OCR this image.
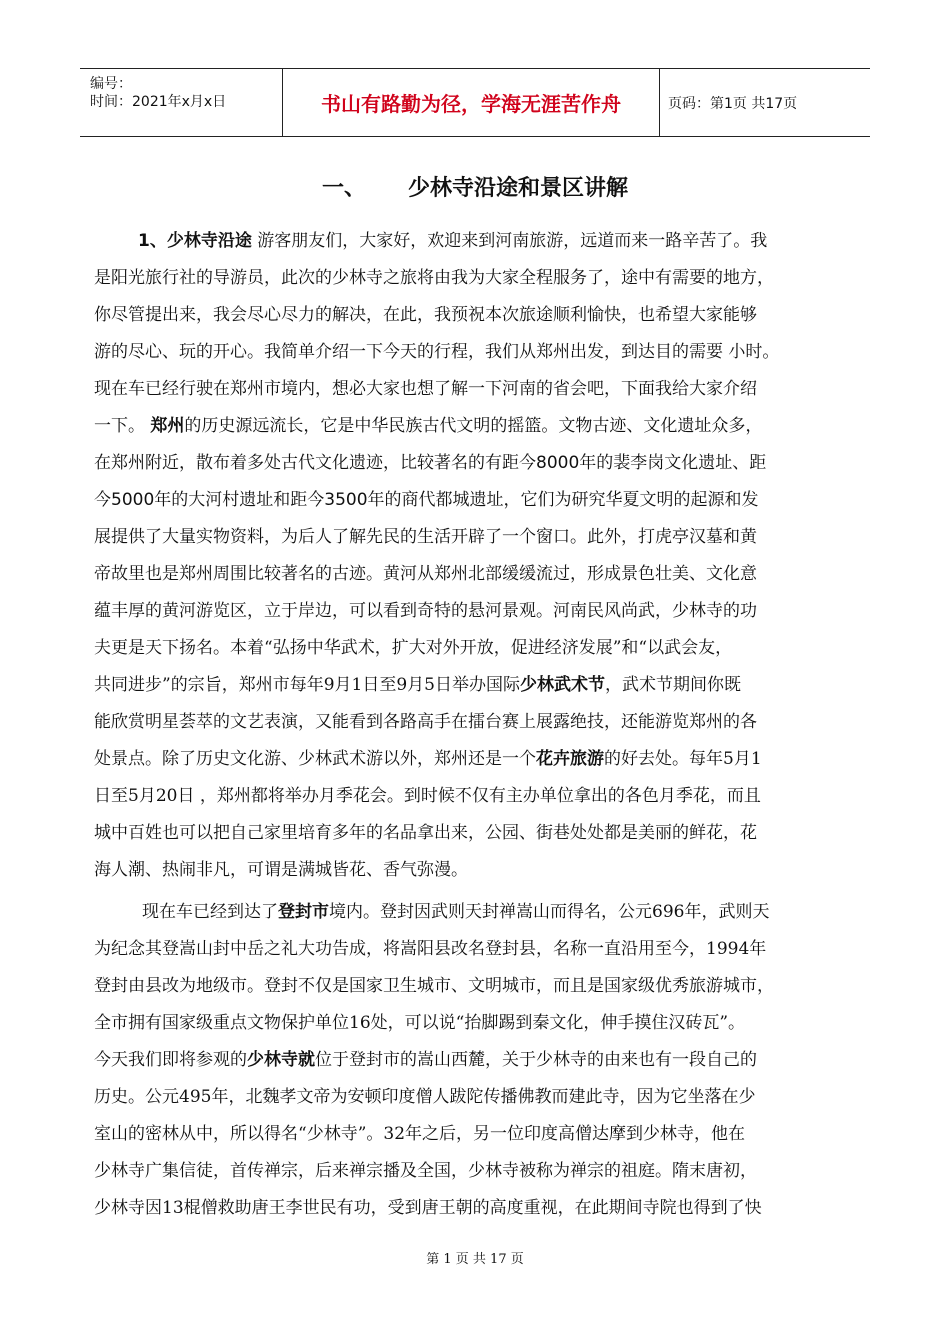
编号：
时间：2021年x月x日	书山有路勤为径，学海无涯苦作舟	页码：第1页 共17页
一、 少林寺沿途和景区讲解
1、少林寺沿途 游客朋友们，大家好，欢迎来到河南旅游，远道而来一路辛苦了。我
是阳光旅行社的导游员，此次的少林寺之旅将由我为大家全程服务了，途中有需要的地方，
你尽管提出来，我会尽心尽力的解决，在此，我预祝本次旅途顺利愉快，也希望大家能够
游的尽心、玩的开心。我简单介绍一下今天的行程，我们从郑州出发，到达目的需要 小时。
现在车已经行驶在郑州市境内，想必大家也想了解一下河南的省会吧，下面我给大家介绍
一下。 郑州的历史源远流长，它是中华民族古代文明的摇篮。文物古迹、文化遗址众多，
在郑州附近，散布着多处古代文化遗迹，比较著名的有距今8000年的裴李岗文化遗址、距
今5000年的大河村遗址和距今3500年的商代都城遗址，它们为研究华夏文明的起源和发
展提供了大量实物资料，为后人了解先民的生活开辟了一个窗口。此外，打虎亭汉墓和黄
帝故里也是郑州周围比较著名的古迹。黄河从郑州北部缓缓流过，形成景色壮美、文化意
蕴丰厚的黄河游览区，立于岸边，可以看到奇特的悬河景观。河南民风尚武，少林寺的功
夫更是天下扬名。本着“弘扬中华武术，扩大对外开放，促进经济发展”和“以武会友，
共同进步”的宗旨，郑州市每年9月1日至9月5日举办国际少林武术节，武术节期间你既
能欣赏明星荟萃的文艺表演，又能看到各路高手在擂台赛上展露绝技，还能游览郑州的各
处景点。除了历史文化游、少林武术游以外，郑州还是一个花卉旅游的好去处。每年5月1
日至5月20日 ，郑州都将举办月季花会。到时候不仅有主办单位拿出的各色月季花，而且
城中百姓也可以把自己家里培育多年的名品拿出来，公园、街巷处处都是美丽的鲜花，花
海人潮、热闹非凡，可谓是满城皆花、香气弥漫。
现在车已经到达了登封市境内。登封因武则天封禅嵩山而得名，公元696年，武则天
为纪念其登嵩山封中岳之礼大功告成，将嵩阳县改名登封县，名称一直沿用至今，1994年
登封由县改为地级市。登封不仅是国家卫生城市、文明城市，而且是国家级优秀旅游城市，
全市拥有国家级重点文物保护单位16处，可以说“抬脚踢到秦文化，伸手摸住汉砖瓦”。
今天我们即将参观的少林寺就位于登封市的嵩山西麓，关于少林寺的由来也有一段自己的
历史。公元495年，北魏孝文帝为安顿印度僧人跋陀传播佛教而建此寺，因为它坐落在少
室山的密林从中，所以得名“少林寺”。32年之后，另一位印度高僧达摩到少林寺，他在
少林寺广集信徒，首传禅宗，后来禅宗播及全国，少林寺被称为禅宗的祖庭。隋末唐初，
少林寺因13棍僧救助唐王李世民有功，受到唐王朝的高度重视，在此期间寺院也得到了快
第 1 页 共 17 页
